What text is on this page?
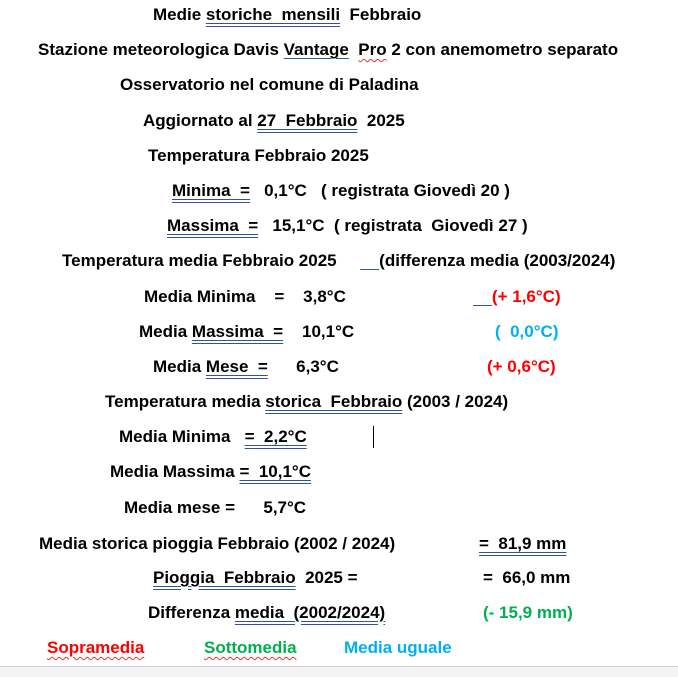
Medie storiche  mensili  Febbraio
Stazione meteorologica Davis Vantage Pro 2 con anemometro separato
Osservatorio nel comune di Paladina
Aggiornato al 27  Febbraio  2025
Temperatura Febbraio 2025
Minima  =   0,1°C   ( registrata Giovedì 20 )
Massima  =   15,1°C  ( registrata  Giovedì 27 )
Temperatura media Febbraio 2025     __(differenza media (2003/2024)
Media Minima    =    3,8°C	__(+ 1,6°C)
Media Massima  =    10,1°C	(  0,0°C)
Media Mese  =      6,3°C	(+ 0,6°C)
Temperatura media storica  Febbraio (2003 / 2024)
Media Minima   =  2,2°C
Media Massima =  10,1°C
Media mese =      5,7°C
Media storica pioggia Febbraio (2002 / 2024)	=  81,9 mm
Pioggia  Febbraio  2025 =	=  66,0 mm
Differenza media  (2002/2024)	(- 15,9 mm)
Sopramedia	Sottomedia	Media uguale
